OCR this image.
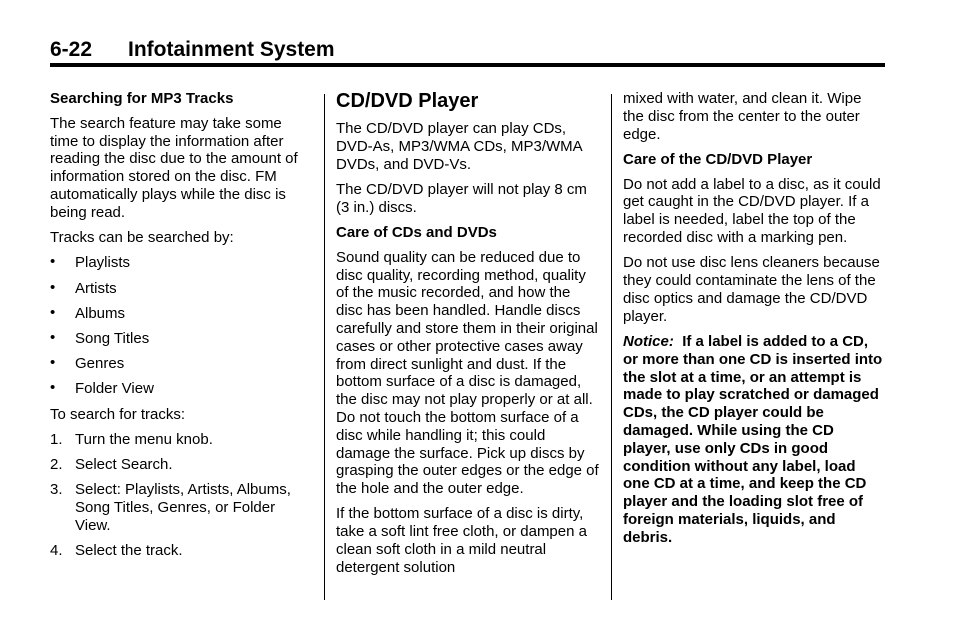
6-22 Infotainment System
Searching for MP3 Tracks

The search feature may take some time to display the information after reading the disc due to the amount of information stored on the disc. FM automatically plays while the disc is being read.

Tracks can be searched by:

• Playlists
• Artists
• Albums
• Song Titles
• Genres
• Folder View

To search for tracks:

1. Turn the menu knob.
2. Select Search.
3. Select: Playlists, Artists, Albums, Song Titles, Genres, or Folder View.
4. Select the track.
CD/DVD Player

The CD/DVD player can play CDs, DVD-As, MP3/WMA CDs, MP3/WMA DVDs, and DVD-Vs.

The CD/DVD player will not play 8 cm (3 in.) discs.

Care of CDs and DVDs

Sound quality can be reduced due to disc quality, recording method, quality of the music recorded, and how the disc has been handled. Handle discs carefully and store them in their original cases or other protective cases away from direct sunlight and dust. If the bottom surface of a disc is damaged, the disc may not play properly or at all. Do not touch the bottom surface of a disc while handling it; this could damage the surface. Pick up discs by grasping the outer edges or the edge of the hole and the outer edge.

If the bottom surface of a disc is dirty, take a soft lint free cloth, or dampen a clean soft cloth in a mild neutral detergent solution

mixed with water, and clean it. Wipe the disc from the center to the outer edge.

Care of the CD/DVD Player

Do not add a label to a disc, as it could get caught in the CD/DVD player. If a label is needed, label the top of the recorded disc with a marking pen.

Do not use disc lens cleaners because they could contaminate the lens of the disc optics and damage the CD/DVD player.

Notice: If a label is added to a CD, or more than one CD is inserted into the slot at a time, or an attempt is made to play scratched or damaged CDs, the CD player could be damaged. While using the CD player, use only CDs in good condition without any label, load one CD at a time, and keep the CD player and the loading slot free of foreign materials, liquids, and debris.
